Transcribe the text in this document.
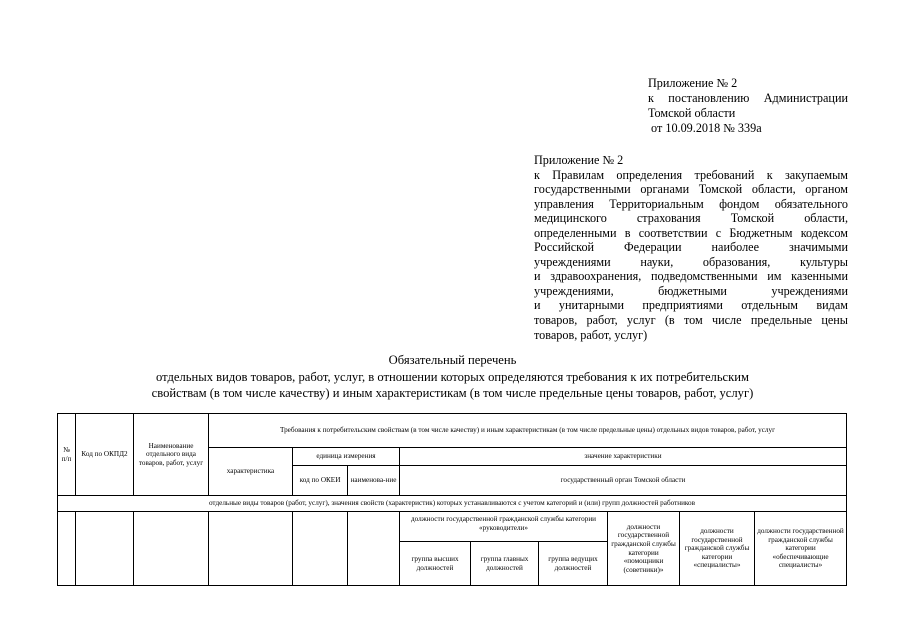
Приложение № 2
к постановлению Администрации
Томской области
от 10.09.2018 № 339а
Приложение № 2
к Правилам определения требований к закупаемым
государственными органами Томской области, органом
управления Территориальным фондом обязательного
медицинского страхования Томской области,
определенными в соответствии с Бюджетным кодексом
Российской Федерации наиболее значимыми
учреждениями науки, образования, культуры
и здравоохранения, подведомственными им казенными
учреждениями, бюджетными учреждениями
и унитарными предприятиями отдельным видам
товаров, работ, услуг (в том числе предельные цены
товаров, работ, услуг)
Обязательный перечень
отдельных видов товаров, работ, услуг, в отношении которых определяются требования к их потребительским
свойствам (в том числе качеству) и иным характеристикам (в том числе предельные цены товаров, работ, услуг)
№ п/п	Код по ОКПД2	Наименование отдельного вида товаров, работ, услуг	Требования к потребительским свойствам (в том числе качеству) и иным характеристикам (в том числе предельные цены) отдельных видов товаров, работ, услуг								
			характеристика	единица измерения		значение характеристики					
				код по ОКЕИ	наименова-ние	государственный орган Томской области					
отдельные виды товаров (работ, услуг), значения свойств (характеристик) которых устанавливаются с учетом категорий и (или) групп должностей работников											
						должности государственной гражданской службы категории «руководители»			должности государственной гражданской службы категории «помощники (советники)»	должности государственной гражданской службы категории «специалисты»	должности государственной гражданской службы категории «обеспечивающие специалисты»
						группа высших должностей	группа главных должностей	группа ведущих должностей			
